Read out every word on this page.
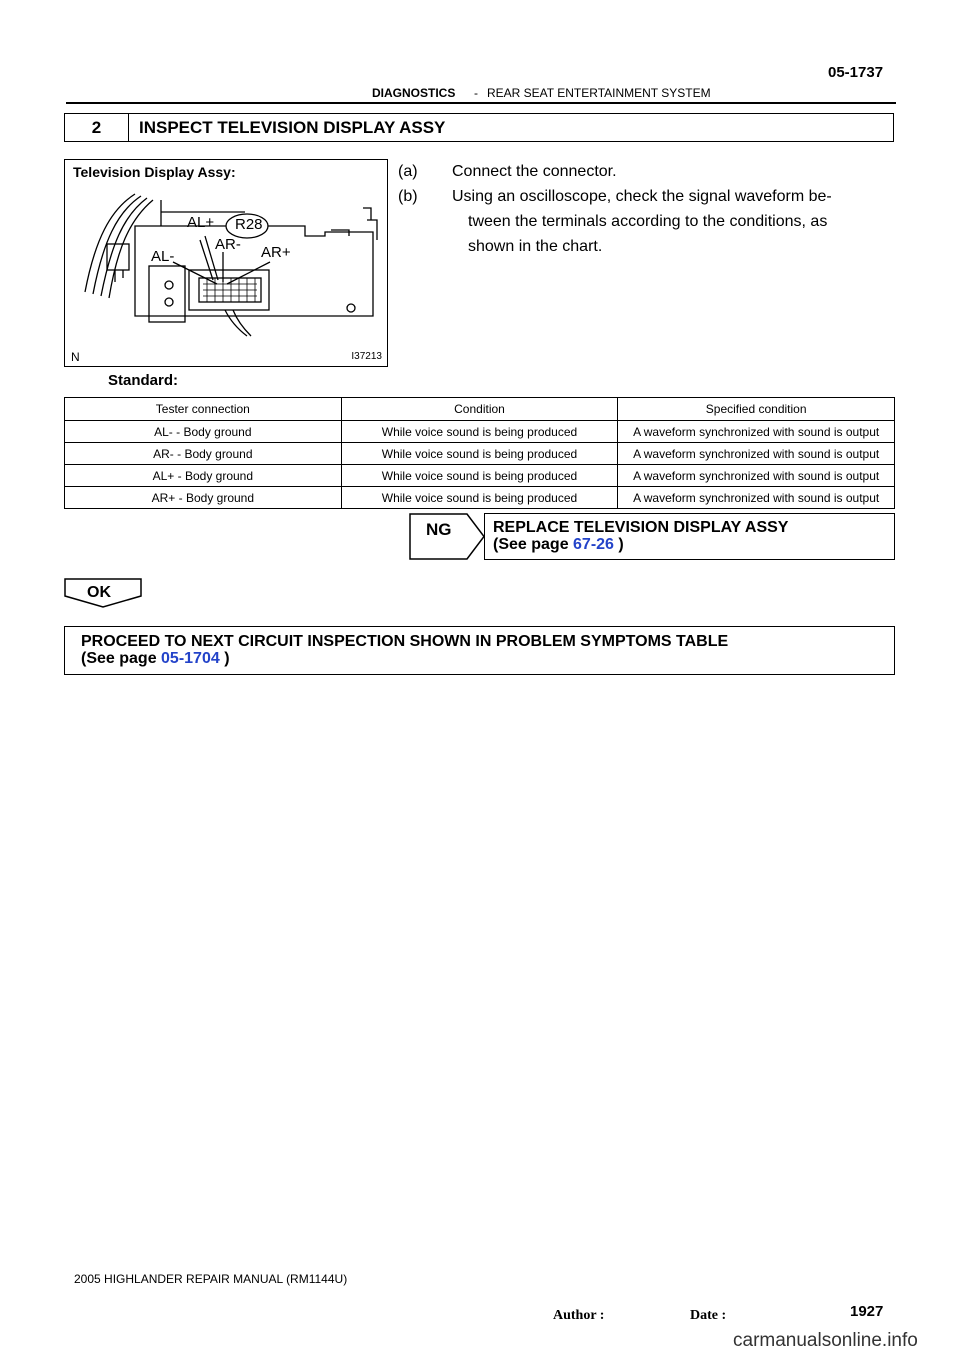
05-1737
DIAGNOSTICS - REAR SEAT ENTERTAINMENT SYSTEM
2	INSPECT TELEVISION DISPLAY ASSY
Television Display Assy:
R28
AL+
AR-
AL-	AR+
N	I37213
(a) Connect the connector.
(b) Using an oscilloscope, check the signal waveform be-
tween the terminals according to the conditions, as
shown in the chart.
Standard:
Tester connection	Condition	Specified condition
AL- - Body ground	While voice sound is being produced	A waveform synchronized with sound is output
AR- - Body ground	While voice sound is being produced	A waveform synchronized with sound is output
AL+ - Body ground	While voice sound is being produced	A waveform synchronized with sound is output
AR+ - Body ground	While voice sound is being produced	A waveform synchronized with sound is output
NG	REPLACE TELEVISION DISPLAY ASSY
(See page 67-26 )
OK
PROCEED TO NEXT CIRCUIT INSPECTION SHOWN IN PROBLEM SYMPTOMS TABLE
(See page 05-1704 )
2005 HIGHLANDER REPAIR MANUAL (RM1144U)
Author :	Date :	1927
carmanualsonline.info
